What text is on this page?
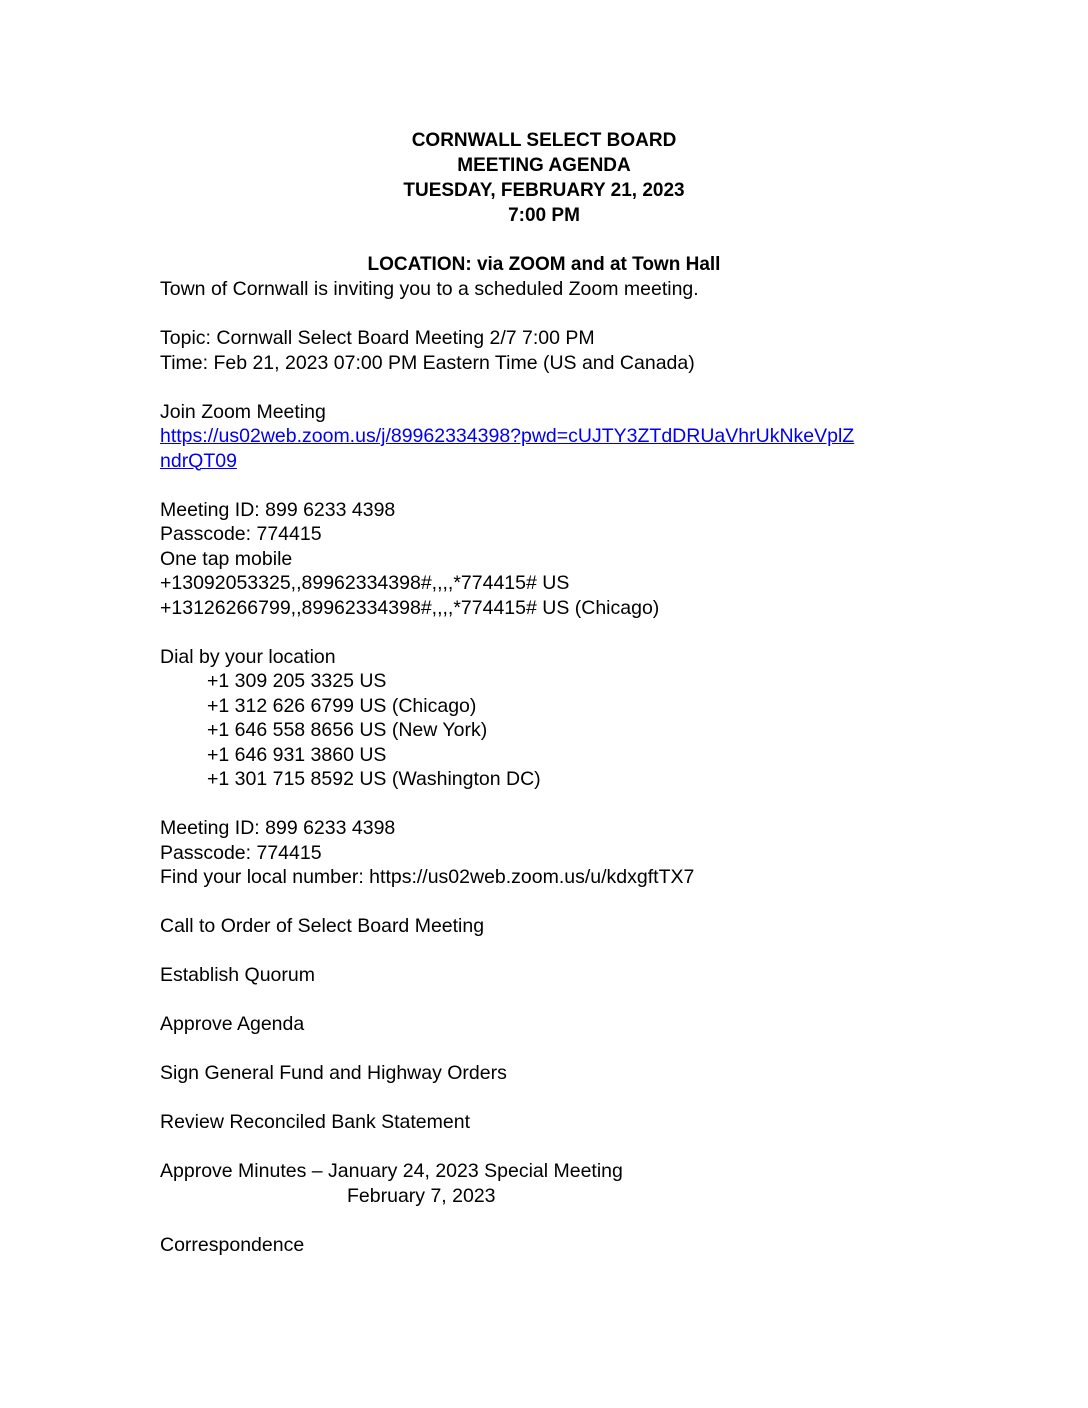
CORNWALL SELECT BOARD
MEETING AGENDA
TUESDAY, FEBRUARY 21, 2023
7:00 PM
LOCATION: via ZOOM and at Town Hall
Town of Cornwall is inviting you to a scheduled Zoom meeting.
Topic: Cornwall Select Board Meeting 2/7 7:00 PM
Time: Feb 21, 2023 07:00 PM Eastern Time (US and Canada)
Join Zoom Meeting
https://us02web.zoom.us/j/89962334398?pwd=cUJTY3ZTdDRUaVhrUkNkeVplZ
ndrQT09
Meeting ID: 899 6233 4398
Passcode: 774415
One tap mobile
+13092053325,,89962334398#,,,,*774415# US
+13126266799,,89962334398#,,,,*774415# US (Chicago)
Dial by your location
+1 309 205 3325 US
+1 312 626 6799 US (Chicago)
+1 646 558 8656 US (New York)
+1 646 931 3860 US
+1 301 715 8592 US (Washington DC)
Meeting ID: 899 6233 4398
Passcode: 774415
Find your local number: https://us02web.zoom.us/u/kdxgftTX7
Call to Order of Select Board Meeting
Establish Quorum
Approve Agenda
Sign General Fund and Highway Orders
Review Reconciled Bank Statement
Approve Minutes – January 24, 2023 Special Meeting
February 7, 2023
Correspondence
